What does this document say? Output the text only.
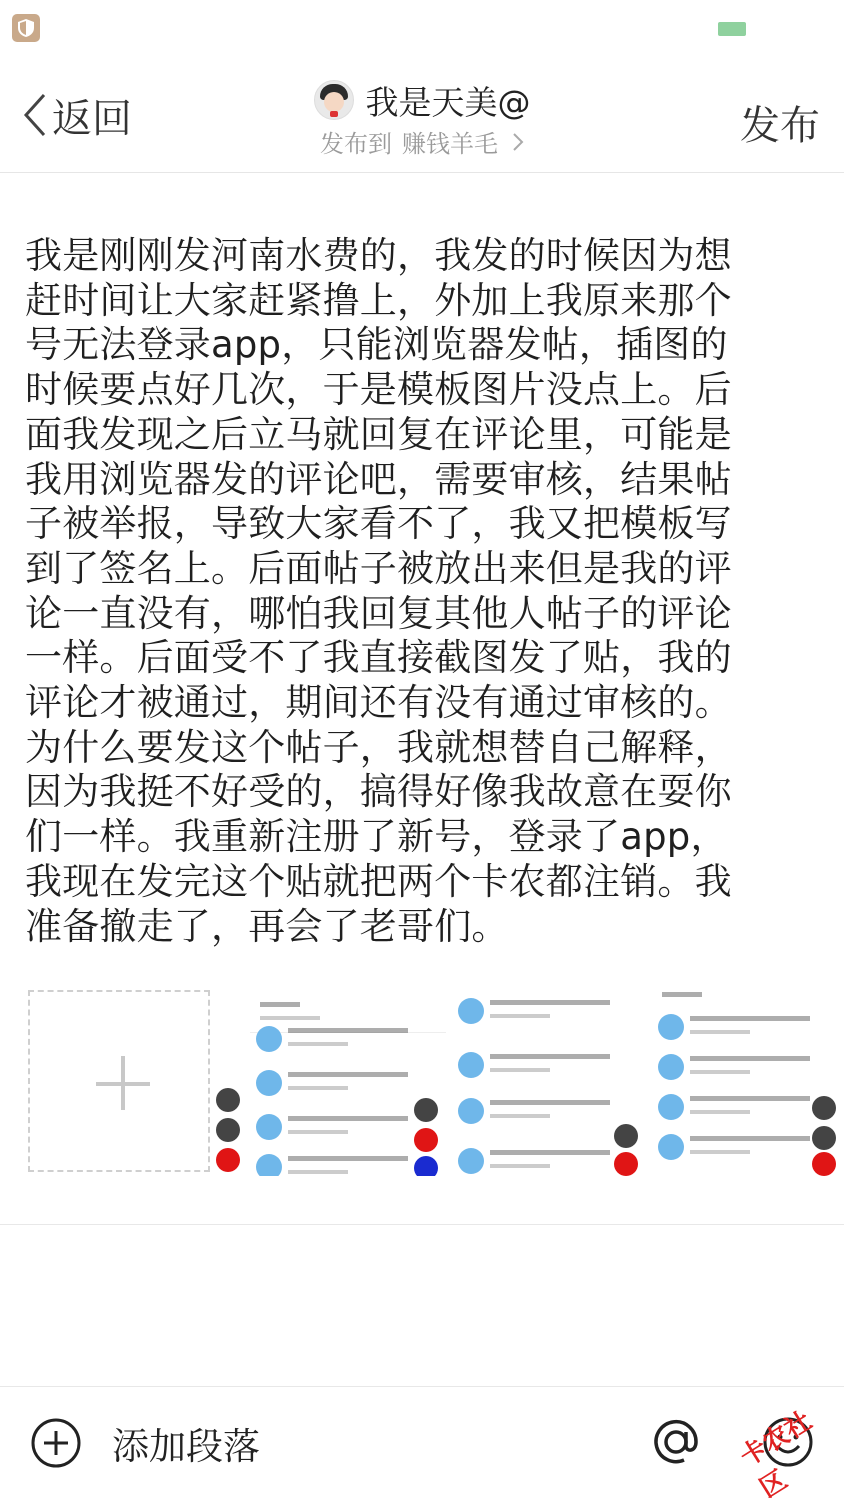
返回	我是天美@
发布到 赚钱羊毛	发布
我是刚刚发河南水费的，我发的时候因为想赶时间让大家赶紧撸上，外加上我原来那个号无法登录app，只能浏览器发帖，插图的时候要点好几次，于是模板图片没点上。后面我发现之后立马就回复在评论里，可能是我用浏览器发的评论吧，需要审核，结果帖子被举报，导致大家看不了，我又把模板写到了签名上。后面帖子被放出来但是我的评论一直没有，哪怕我回复其他人帖子的评论一样。后面受不了我直接截图发了贴，我的评论才被通过，期间还有没有通过审核的。为什么要发这个帖子，我就想替自己解释，因为我挺不好受的，搞得好像我故意在耍你们一样。我重新注册了新号，登录了app，我现在发完这个贴就把两个卡农都注销。我准备撤走了，再会了老哥们。
添加段落	卡农社区
